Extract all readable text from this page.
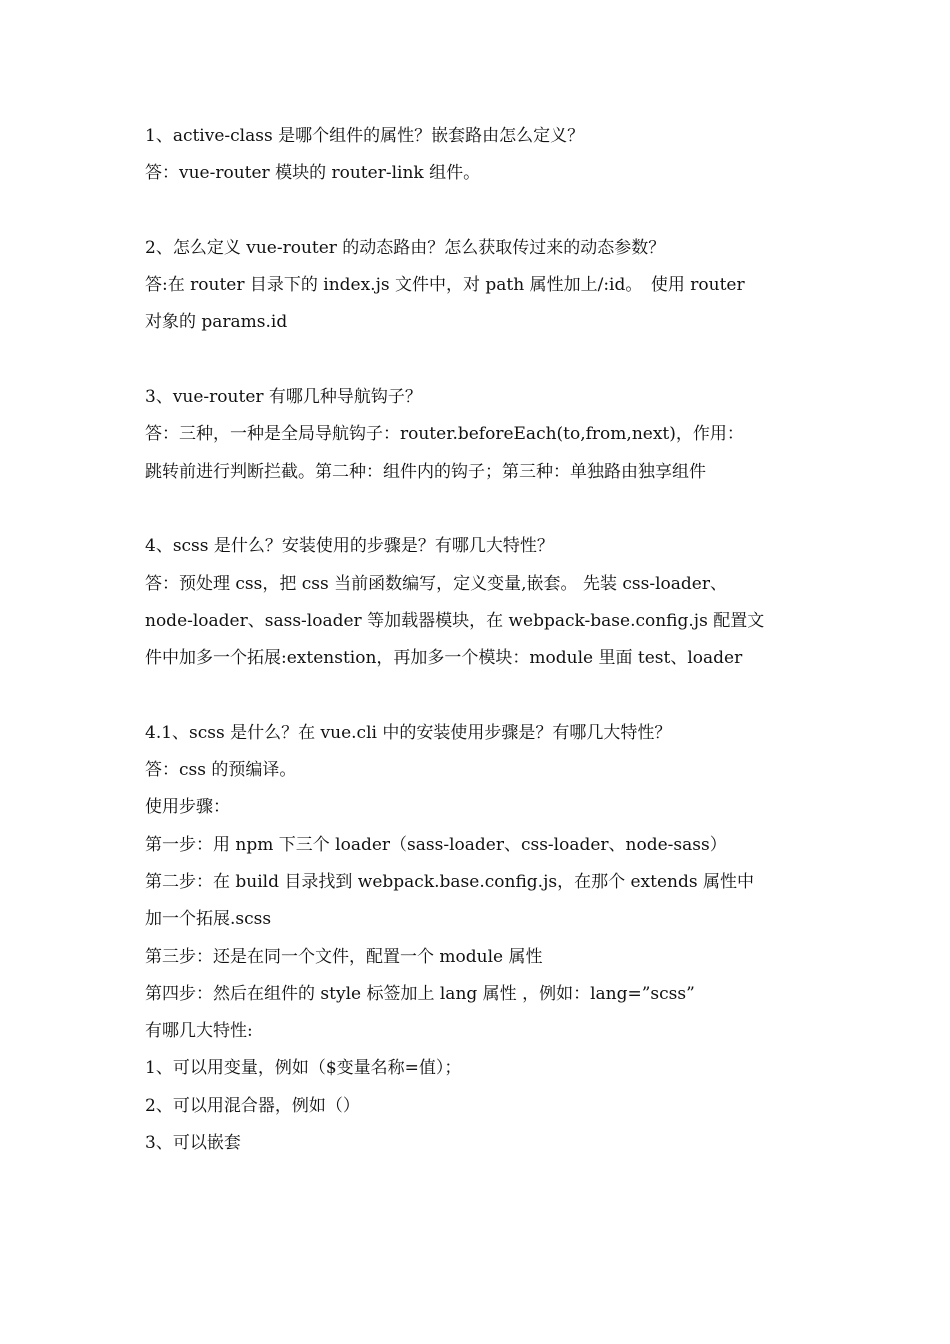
1、active-class 是哪个组件的属性？嵌套路由怎么定义？
答：vue-router 模块的 router-link 组件。
2、怎么定义 vue-router 的动态路由？怎么获取传过来的动态参数？
答:在 router 目录下的 index.js 文件中，对 path 属性加上/:id。　使用 router
对象的 params.id
3、vue-router 有哪几种导航钩子？
答：三种，一种是全局导航钩子：router.beforeEach(to,from,next)，作用：
跳转前进行判断拦截。第二种：组件内的钩子；第三种：单独路由独享组件
4、scss 是什么？安装使用的步骤是？有哪几大特性？
答：预处理 css，把 css 当前函数编写，定义变量,嵌套。 先装 css-loader、
node-loader、sass-loader 等加载器模块，在 webpack-base.config.js 配置文
件中加多一个拓展:extenstion，再加多一个模块：module 里面 test、loader
4.1、scss 是什么？在 vue.cli 中的安装使用步骤是？有哪几大特性？
答：css 的预编译。
使用步骤：
第一步：用 npm 下三个 loader（sass-loader、css-loader、node-sass）
第二步：在 build 目录找到 webpack.base.config.js，在那个 extends 属性中
加一个拓展.scss
第三步：还是在同一个文件，配置一个 module 属性
第四步：然后在组件的 style 标签加上 lang 属性 ，例如：lang=”scss”
有哪几大特性:
1、可以用变量，例如（$变量名称=值）；
2、可以用混合器，例如（）
3、可以嵌套
